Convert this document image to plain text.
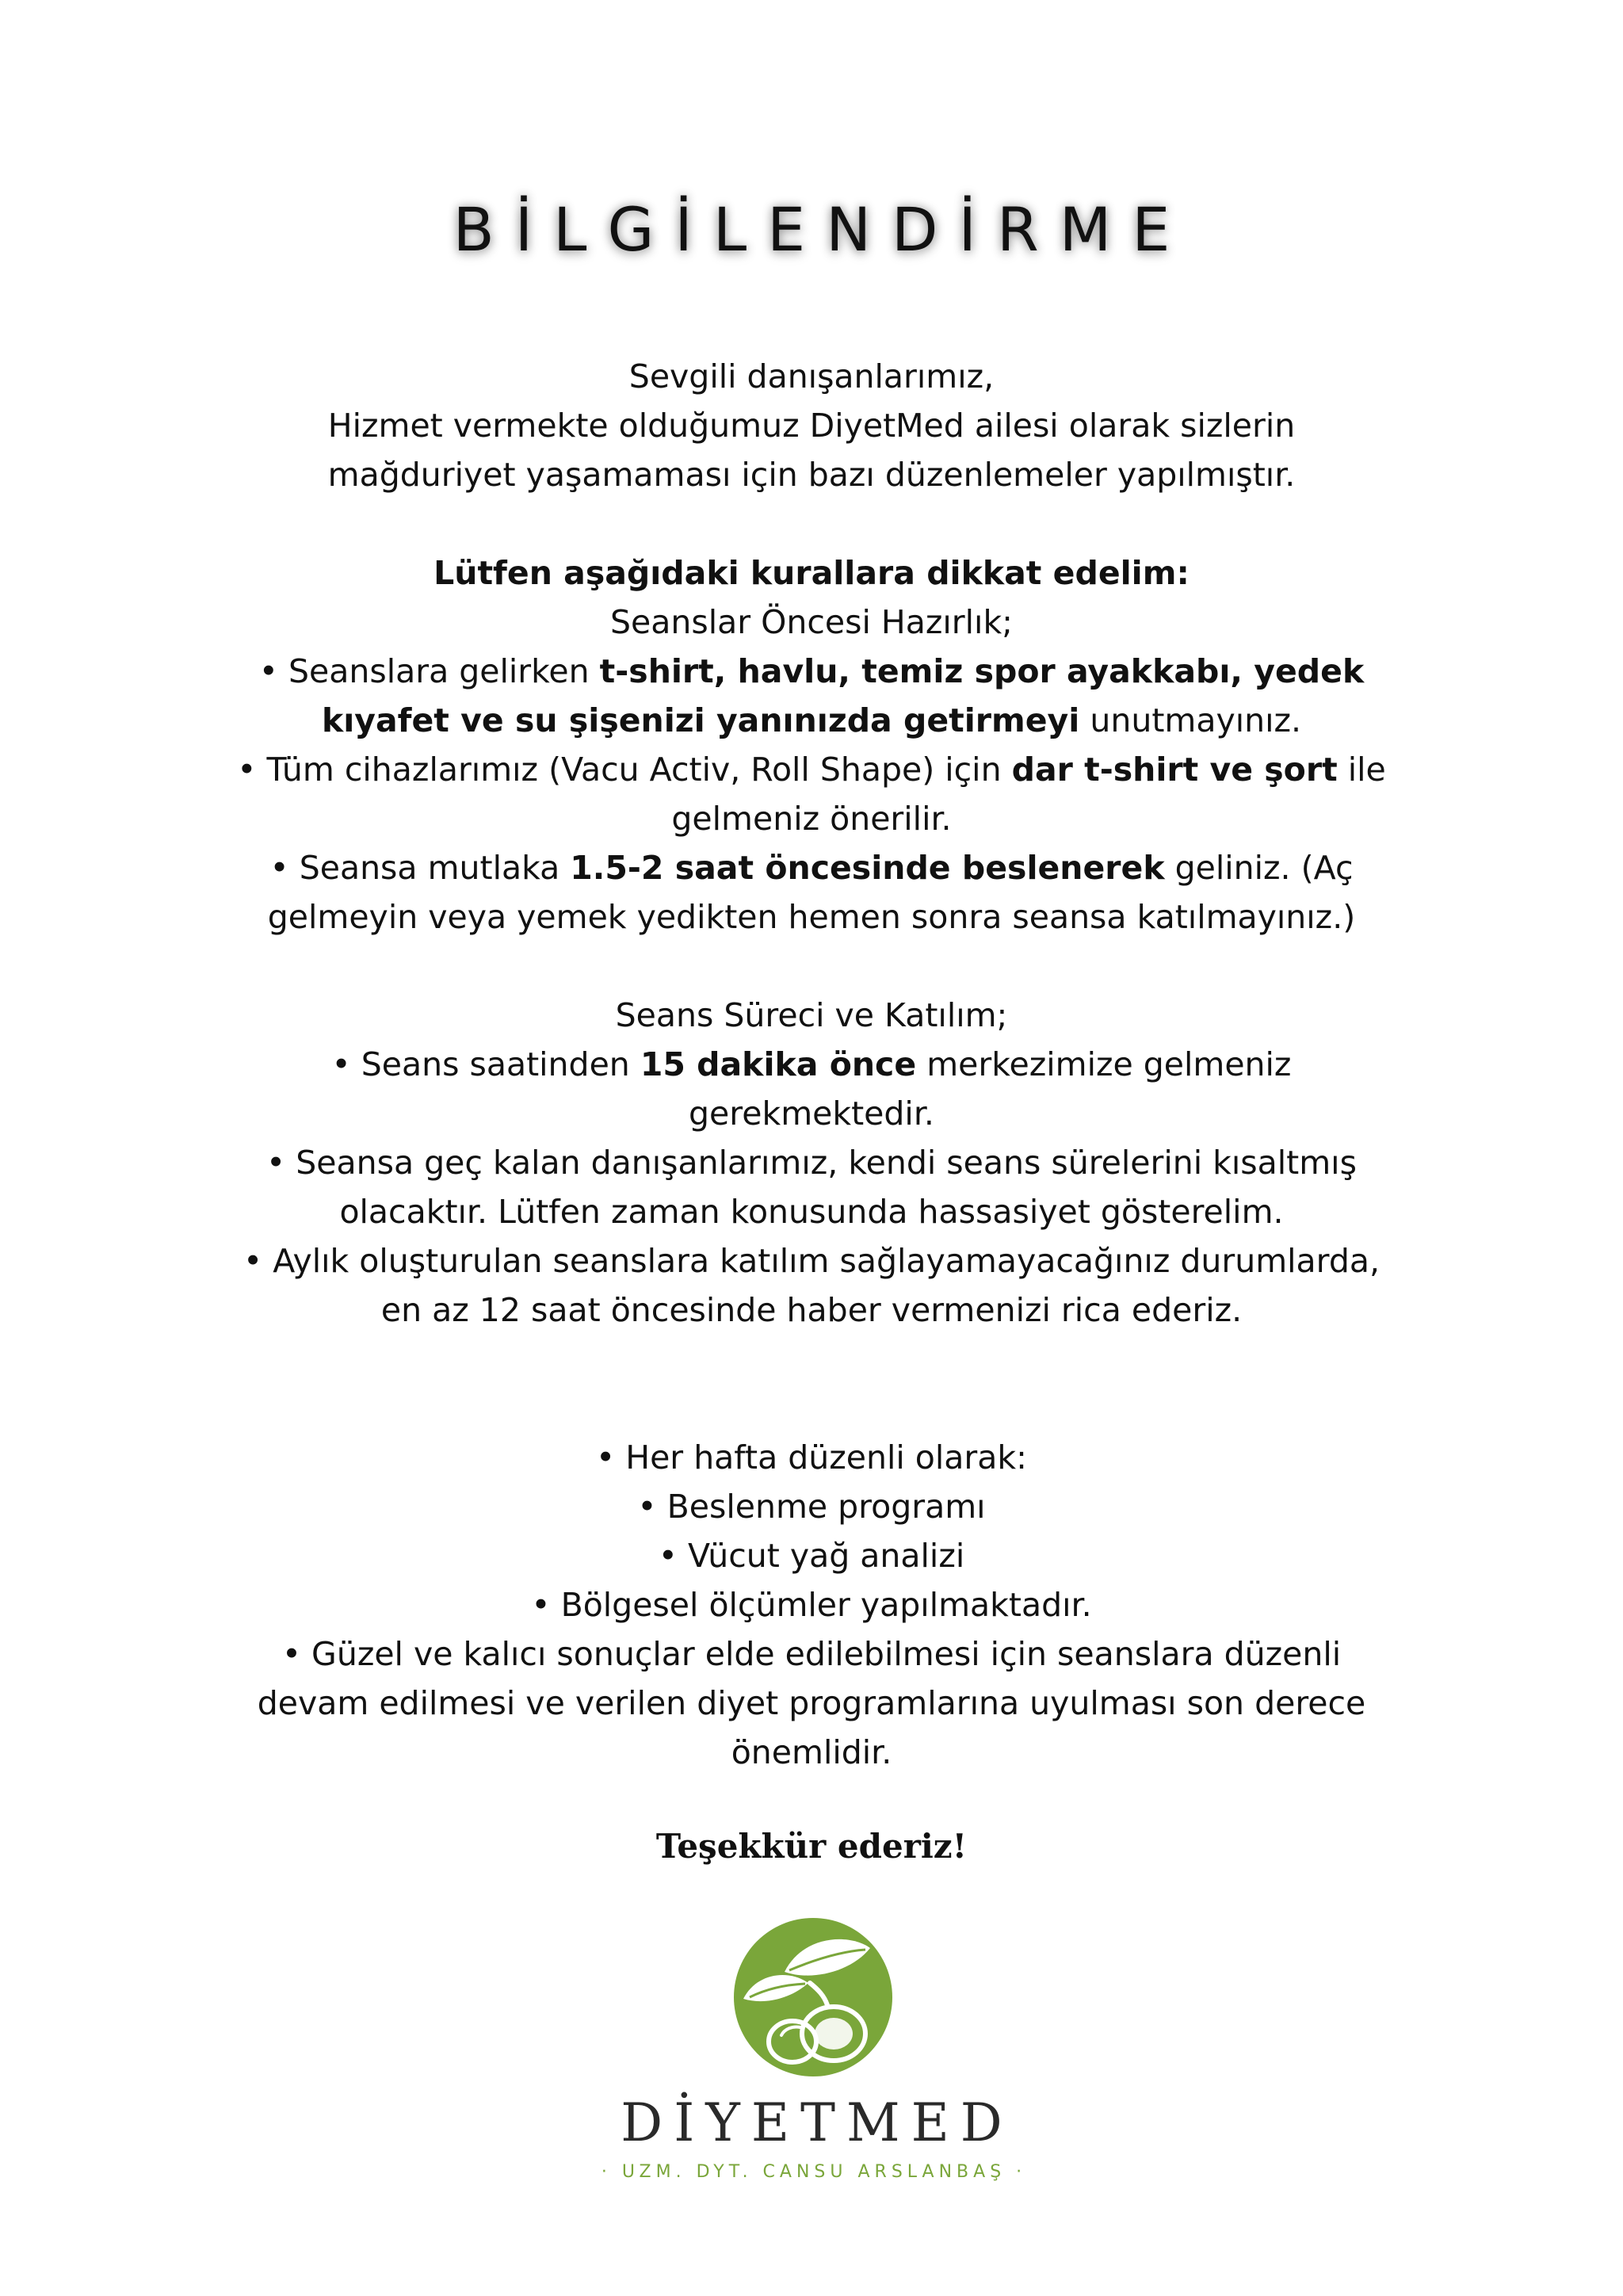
BİLGİLENDİRME

Sevgili danışanlarımız,

Hizmet vermekte olduğumuz DiyetMed ailesi olarak sizlerin

mağduriyet yaşamaması için bazı düzenlemeler yapılmıştır.

Lütfen aşağıdaki kurallara dikkat edelim:

Seanslar Öncesi Hazırlık;

• Seanslara gelirken t-shirt, havlu, temiz spor ayakkabı, yedek

kıyafet ve su şişenizi yanınızda getirmeyi unutmayınız.

• Tüm cihazlarımız (Vacu Activ, Roll Shape) için dar t-shirt ve şort ile

gelmeniz önerilir.

• Seansa mutlaka 1.5-2 saat öncesinde beslenerek geliniz. (Aç

gelmeyin veya yemek yedikten hemen sonra seansa katılmayınız.)

Seans Süreci ve Katılım;

• Seans saatinden 15 dakika önce merkezimize gelmeniz

gerekmektedir.

• Seansa geç kalan danışanlarımız, kendi seans sürelerini kısaltmış

olacaktır. Lütfen zaman konusunda hassasiyet gösterelim.

• Aylık oluşturulan seanslara katılım sağlayamayacağınız durumlarda,

en az 12 saat öncesinde haber vermenizi rica ederiz.

• Her hafta düzenli olarak:

• Beslenme programı

• Vücut yağ analizi

• Bölgesel ölçümler yapılmaktadır.

• Güzel ve kalıcı sonuçlar elde edilebilmesi için seanslara düzenli

devam edilmesi ve verilen diyet programlarına uyulması son derece

önemlidir.

Teşekkür ederiz!

DİYETMED

· UZM. DYT. CANSU ARSLANBAŞ ·
